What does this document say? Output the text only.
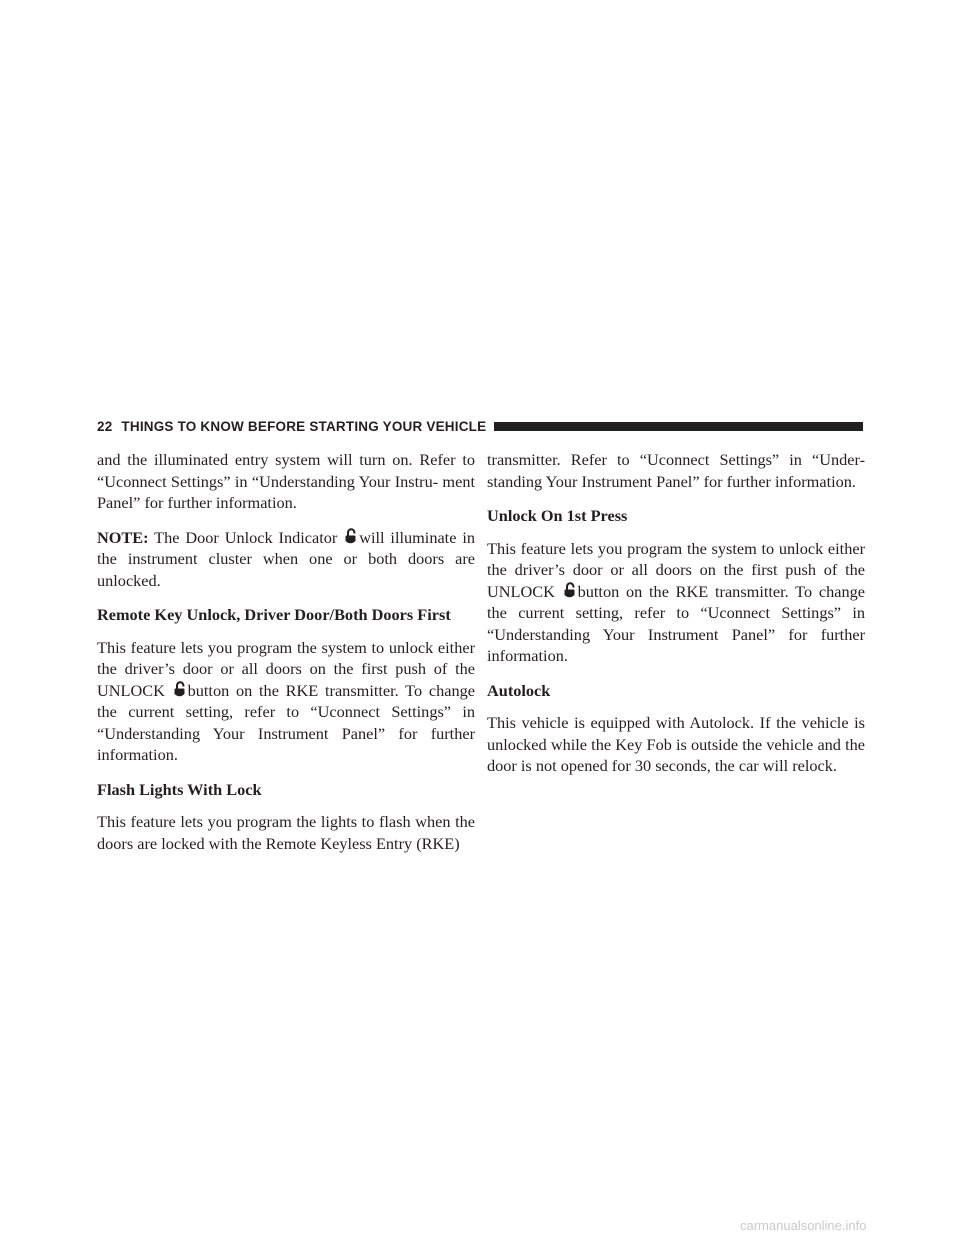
22 THINGS TO KNOW BEFORE STARTING YOUR VEHICLE

and the illuminated entry system will turn on. Refer to “Uconnect Settings” in “Understanding Your Instru- ment Panel” for further information.

NOTE: The Door Unlock Indicator
will illuminate in the instrument cluster when one or both doors are unlocked.

Remote Key Unlock, Driver Door/Both Doors First

This feature lets you program the system to unlock either the driver’s door or all doors on the first push of the UNLOCK
button on the RKE transmitter. To change the current setting, refer to “Uconnect Settings” in “Understanding Your Instrument Panel” for further information.

Flash Lights With Lock

This feature lets you program the lights to flash when the doors are locked with the Remote Keyless Entry (RKE)

transmitter. Refer to “Uconnect Settings” in “Under- standing Your Instrument Panel” for further information.

Unlock On 1st Press

This feature lets you program the system to unlock either the driver’s door or all doors on the first push of the UNLOCK
button on the RKE transmitter. To change the current setting, refer to “Uconnect Settings” in “Understanding Your Instrument Panel” for further information.

Autolock

This vehicle is equipped with Autolock. If the vehicle is unlocked while the Key Fob is outside the vehicle and the door is not opened for 30 seconds, the car will relock.

carmanualsonline.info
